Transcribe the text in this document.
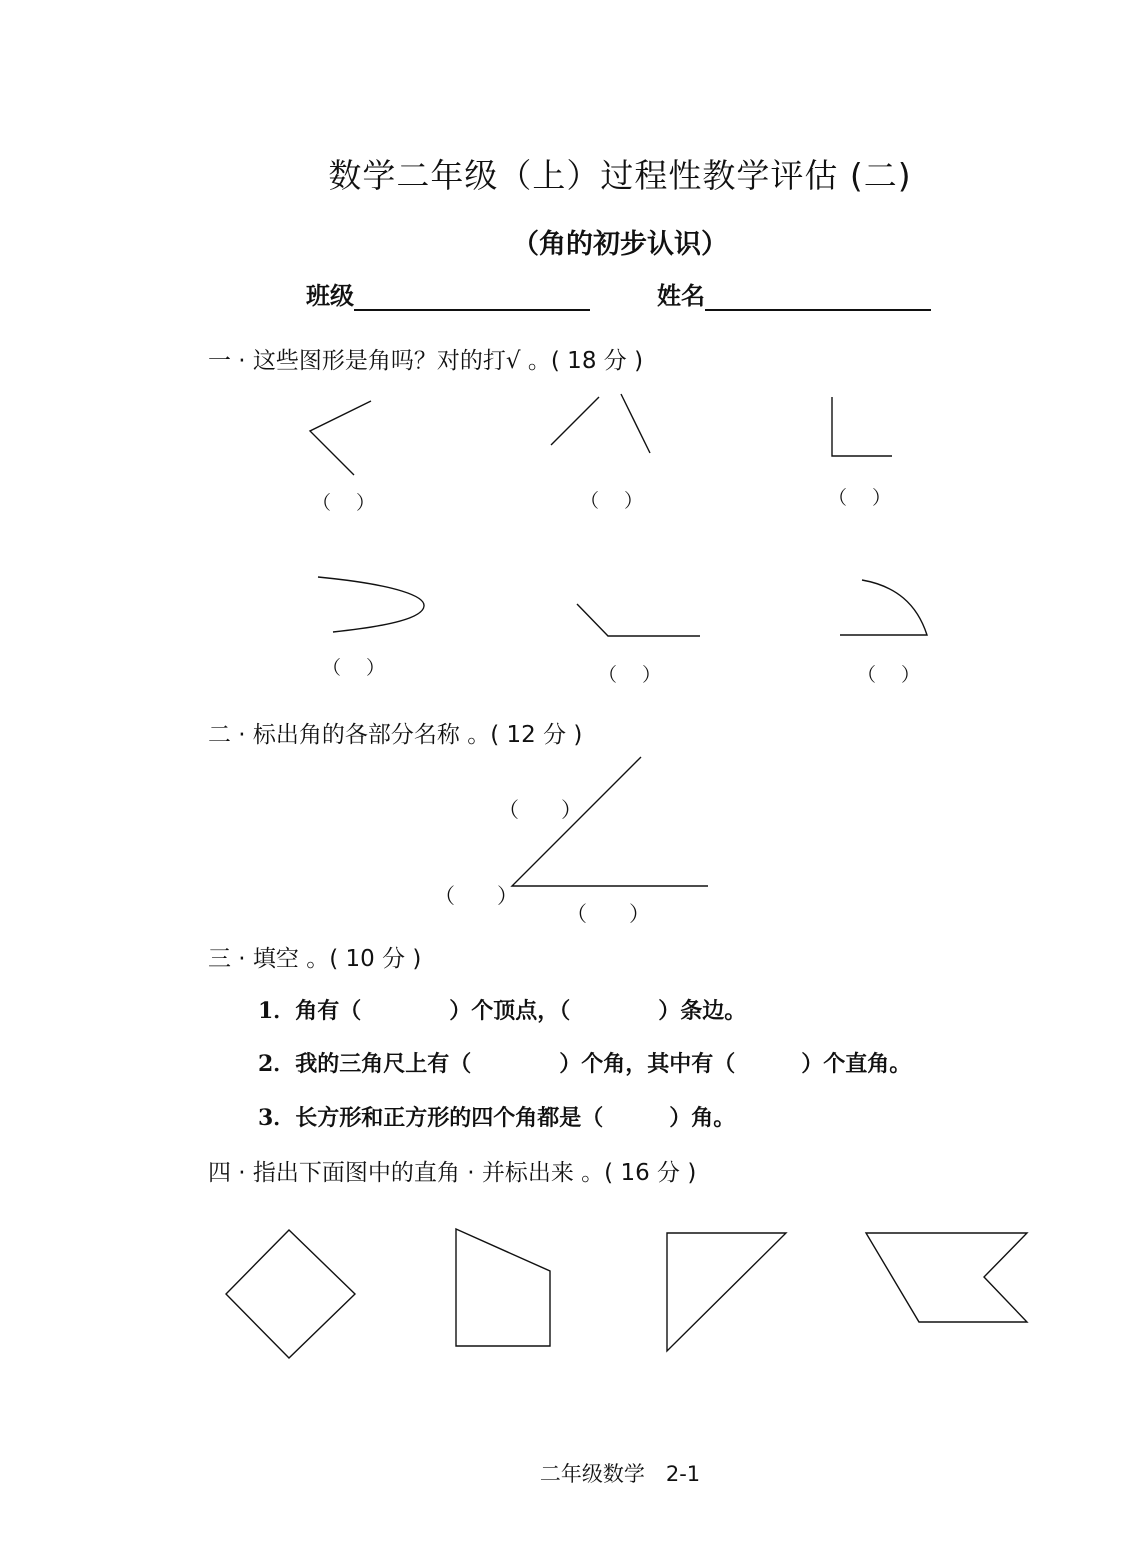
数学二年级（上）过程性教学评估 (二)
（角的初步认识）
班级	姓名
一 · 这些图形是角吗？对的打√ 。( 18 分 )
（　 ）	（　 ）	（　 ）
（　 ）	（　 ）	（　 ）
二 · 标出角的各部分名称 。( 12 分 )
（　　）
（　　）
（　　）
三 · 填空 。( 10 分 )
1．角有（　　　　）个顶点，（　　　　）条边。
2．我的三角尺上有（　　　　）个角，其中有（　　　）个直角。
3．长方形和正方形的四个角都是（　　　）角。
四 · 指出下面图中的直角 · 并标出来 。( 16 分 )
二年级数学　2-1
